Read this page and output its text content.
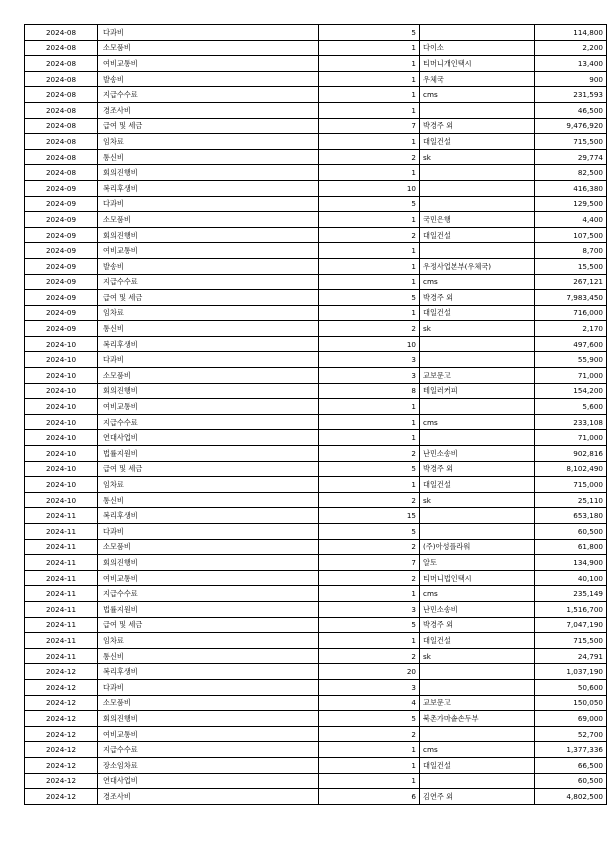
2024-08	다과비	5		114,800
2024-08	소모품비	1	다이소	2,200
2024-08	여비교통비	1	티머니개인택시	13,400
2024-08	발송비	1	우체국	900
2024-08	지급수수료	1	cms	231,593
2024-08	경조사비	1		46,500
2024-08	급여 및 세금	7	박경주 외	9,476,920
2024-08	임차료	1	대일건설	715,500
2024-08	통신비	2	sk	29,774
2024-08	회의진행비	1		82,500
2024-09	복리후생비	10		416,380
2024-09	다과비	5		129,500
2024-09	소모품비	1	국민은행	4,400
2024-09	회의진행비	2	대일건설	107,500
2024-09	여비교통비	1		8,700
2024-09	발송비	1	우정사업본부(우체국)	15,500
2024-09	지급수수료	1	cms	267,121
2024-09	급여 및 세금	5	박경주 외	7,983,450
2024-09	임차료	1	대일건설	716,000
2024-09	통신비	2	sk	2,170
2024-10	복리후생비	10		497,600
2024-10	다과비	3		55,900
2024-10	소모품비	3	교보문고	71,000
2024-10	회의진행비	8	테일러커피	154,200
2024-10	여비교통비	1		5,600
2024-10	지급수수료	1	cms	233,108
2024-10	연대사업비	1		71,000
2024-10	법률지원비	2	난민소송비	902,816
2024-10	급여 및 세금	5	박경주 외	8,102,490
2024-10	임차료	1	대일건설	715,000
2024-10	통신비	2	sk	25,110
2024-11	복리후생비	15		653,180
2024-11	다과비	5		60,500
2024-11	소모품비	2	(주)아성플라워	61,800
2024-11	회의진행비	7	알토	134,900
2024-11	여비교통비	2	티머니법인택시	40,100
2024-11	지급수수료	1	cms	235,149
2024-11	법률지원비	3	난민소송비	1,516,700
2024-11	급여 및 세금	5	박경주 외	7,047,190
2024-11	임차료	1	대일건설	715,500
2024-11	통신비	2	sk	24,791
2024-12	복리후생비	20		1,037,190
2024-12	다과비	3		50,600
2024-12	소모품비	4	교보문고	150,050
2024-12	회의진행비	5	북촌가마솥손두부	69,000
2024-12	여비교통비	2		52,700
2024-12	지급수수료	1	cms	1,377,336
2024-12	장소임차료	1	대일건설	66,500
2024-12	연대사업비	1		60,500
2024-12	경조사비	6	김연주 외	4,802,500
